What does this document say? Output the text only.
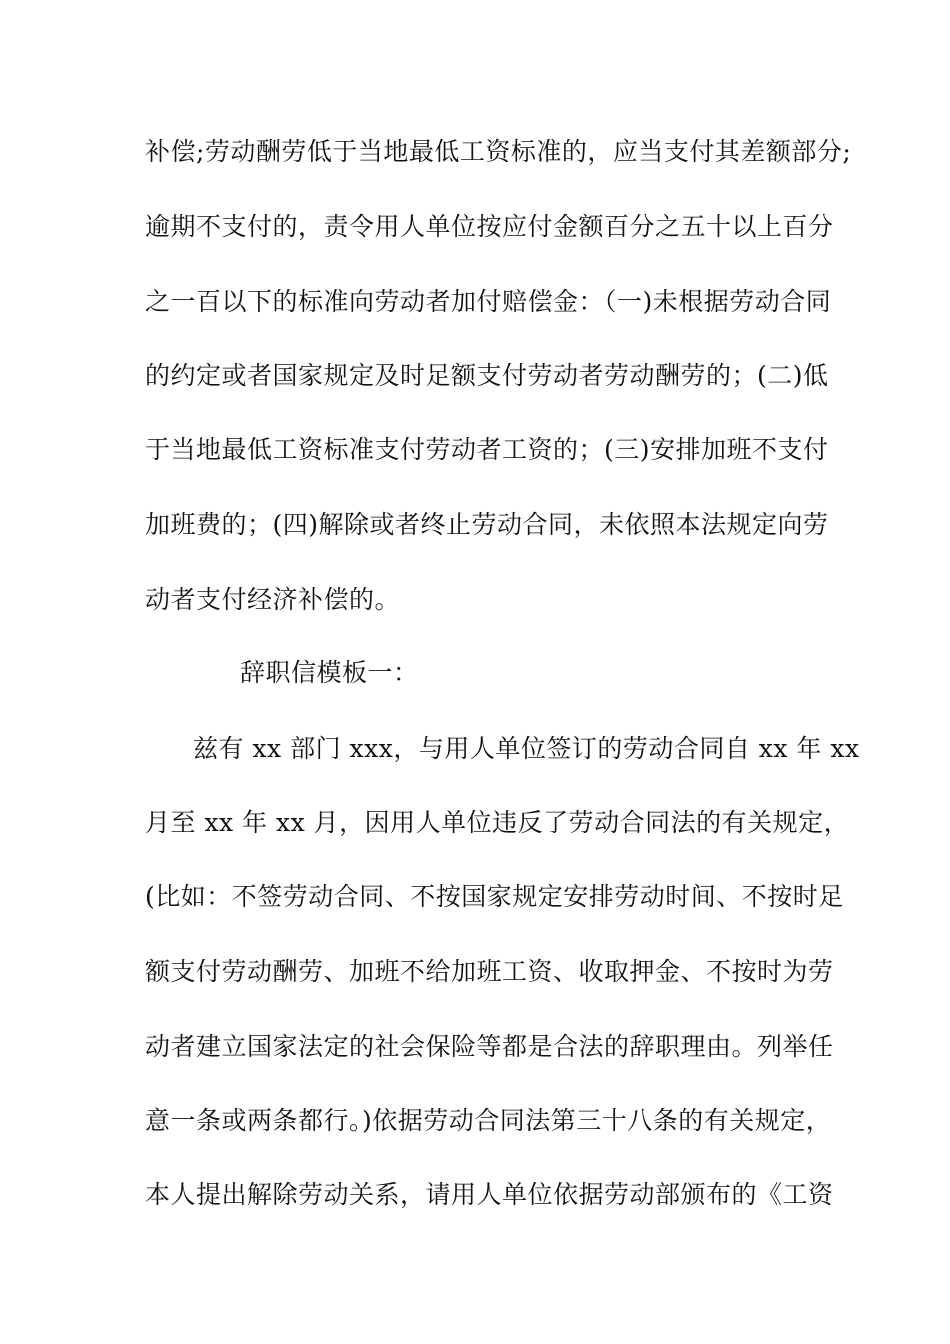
补偿;劳动酬劳低于当地最低工资标准的，应当支付其差额部分;
逾期不支付的，责令用人单位按应付金额百分之五十以上百分
之一百以下的标准向劳动者加付赔偿金：（一)未根据劳动合同
的约定或者国家规定及时足额支付劳动者劳动酬劳的；(二)低
于当地最低工资标准支付劳动者工资的；(三)安排加班不支付
加班费的；(四)解除或者终止劳动合同，未依照本法规定向劳
动者支付经济补偿的。
辞职信模板一：
兹有 xx 部门 xxx，与用人单位签订的劳动合同自 xx 年 xx
月至 xx 年 xx 月，因用人单位违反了劳动合同法的有关规定，
(比如：不签劳动合同、不按国家规定安排劳动时间、不按时足
额支付劳动酬劳、加班不给加班工资、收取押金、不按时为劳
动者建立国家法定的社会保险等都是合法的辞职理由。列举任
意一条或两条都行。)依据劳动合同法第三十八条的有关规定，
本人提出解除劳动关系，请用人单位依据劳动部颁布的《工资
